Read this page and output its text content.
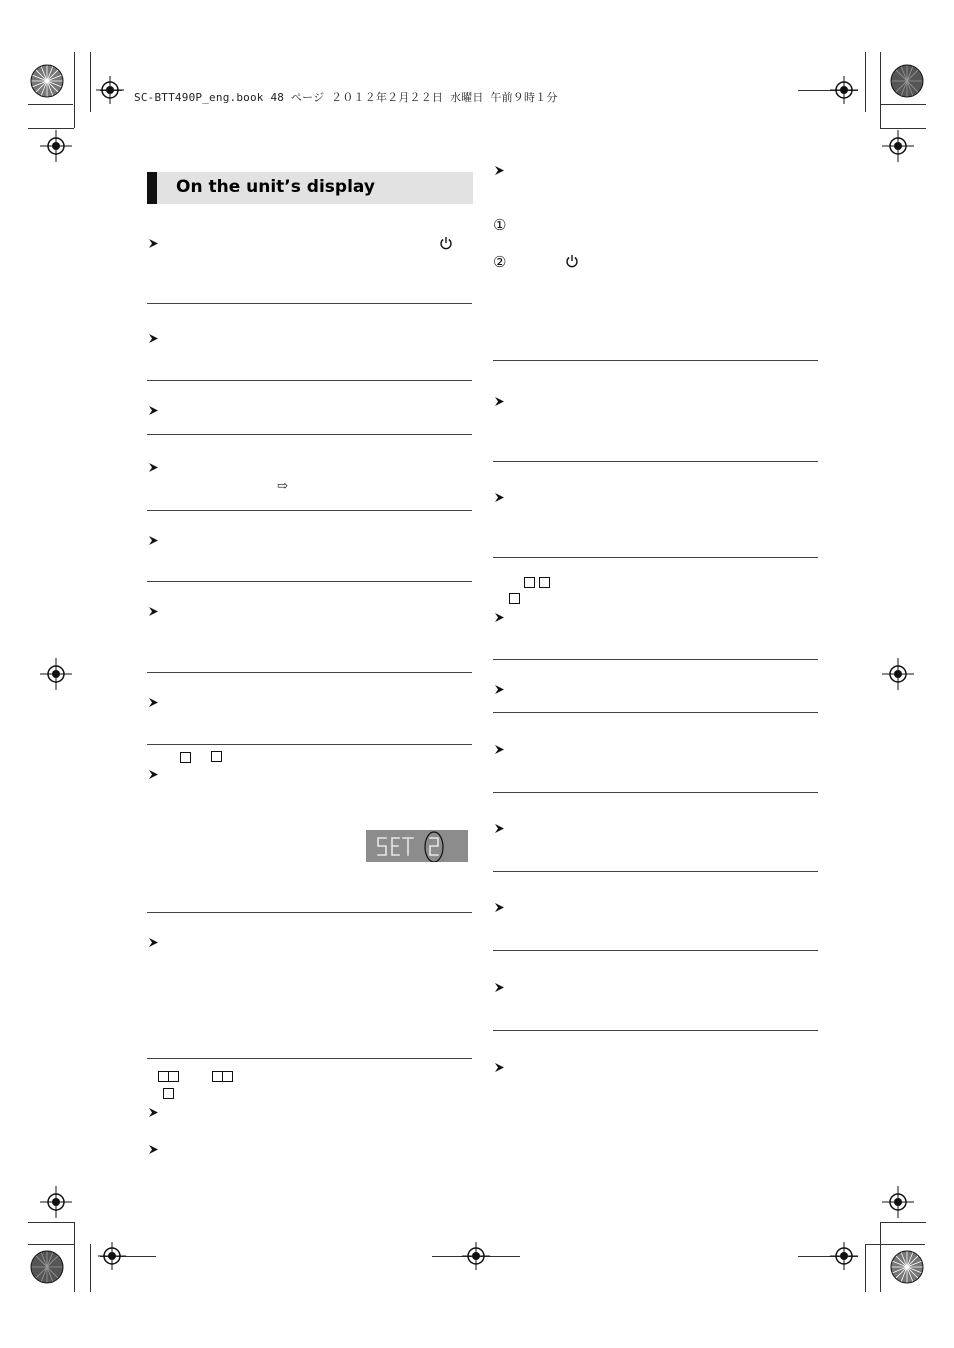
SC-BTT490P_eng.book 48 ページ ２０１２年２月２２日 水曜日 午前９時１分
On the unit’s display
⇨
①
②
